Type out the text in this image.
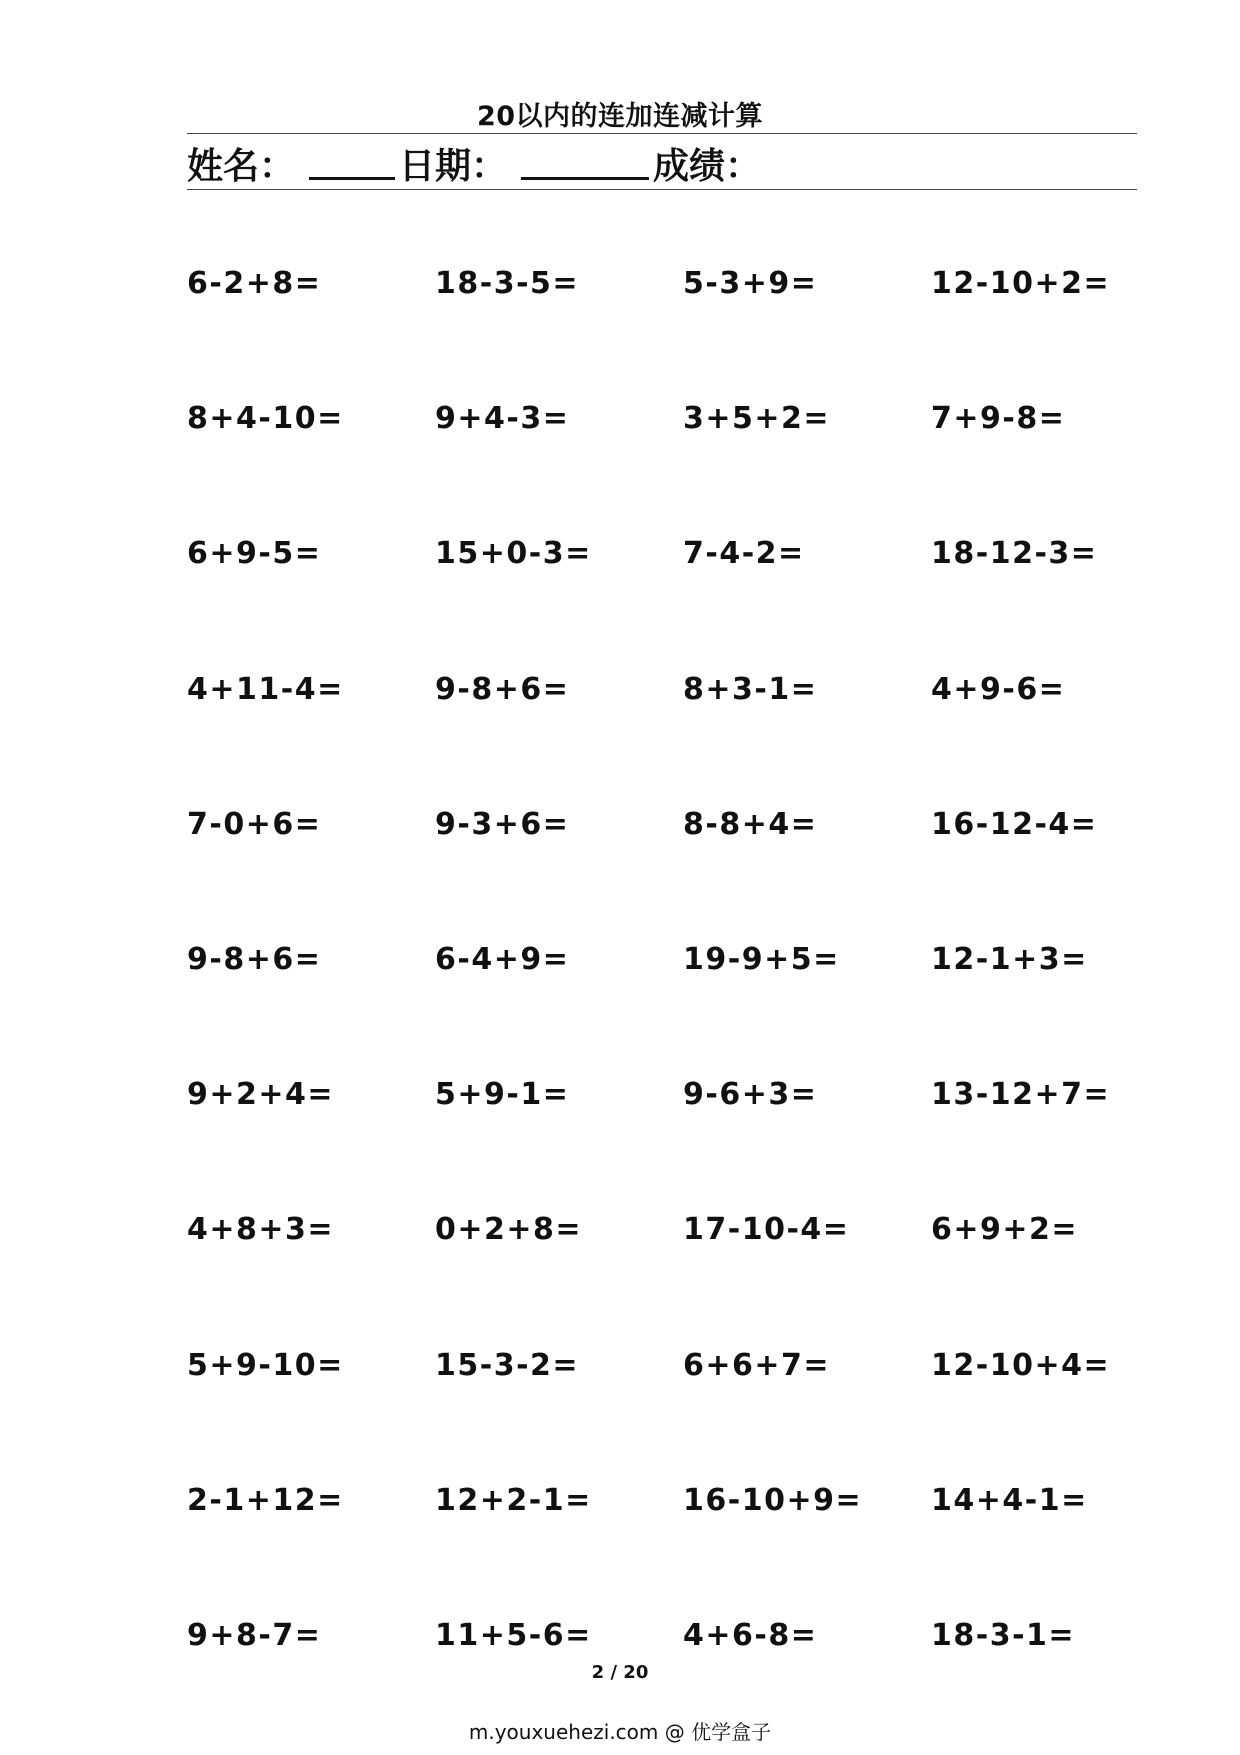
20以内的连加连减计算
姓名：	日期：	成绩：
6-2+8=	18-3-5=	5-3+9=	12-10+2=
8+4-10=	9+4-3=	3+5+2=	7+9-8=
6+9-5=	15+0-3=	7-4-2=	18-12-3=
4+11-4=	9-8+6=	8+3-1=	4+9-6=
7-0+6=	9-3+6=	8-8+4=	16-12-4=
9-8+6=	6-4+9=	19-9+5=	12-1+3=
9+2+4=	5+9-1=	9-6+3=	13-12+7=
4+8+3=	0+2+8=	17-10-4=	6+9+2=
5+9-10=	15-3-2=	6+6+7=	12-10+4=
2-1+12=	12+2-1=	16-10+9=	14+4-1=
9+8-7=	11+5-6=	4+6-8=	18-3-1=
2 / 20
m.youxuehezi.com @ 优学盒子
